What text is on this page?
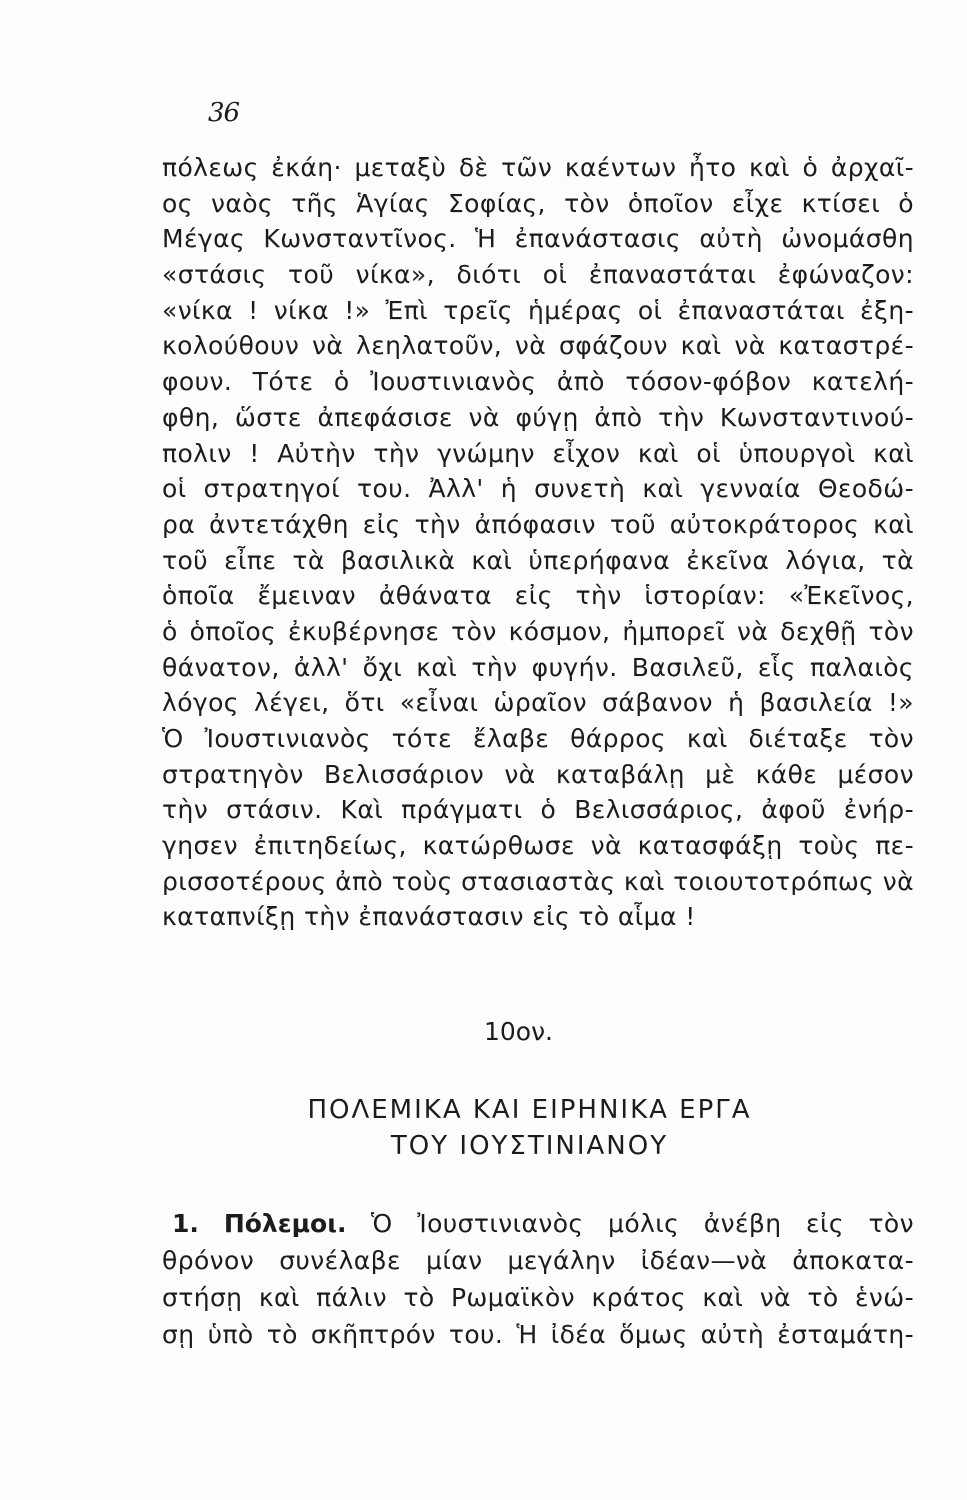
36
πόλεως ἐκάη· μεταξὺ δὲ τῶν καέντων ἦτο καὶ ὁ ἀρχαῖ-
ος ναὸς τῆς Ἁγίας Σοφίας, τὸν ὁποῖον εἶχε κτίσει ὁ
Μέγας Κωνσταντῖνος. Ἡ ἐπανάστασις αὐτὴ ὠνομάσθη
«στάσις τοῦ νίκα», διότι οἱ ἐπαναστάται ἐφώναζον:
«νίκα ! νίκα !» Ἐπὶ τρεῖς ἡμέρας οἱ ἐπαναστάται ἐξη-
κολούθουν νὰ λεηλατοῦν, νὰ σφάζουν καὶ νὰ καταστρέ-
φουν. Τότε ὁ Ἰουστινιανὸς ἀπὸ τόσον-φόβον κατελή-
φθη, ὥστε ἀπεφάσισε νὰ φύγῃ ἀπὸ τὴν Κωνσταντινού-
πολιν ! Αὐτὴν τὴν γνώμην εἶχον καὶ οἱ ὑπουργοὶ καὶ
οἱ στρατηγοί του. Ἀλλ' ἡ συνετὴ καὶ γενναία Θεοδώ-
ρα ἀντετάχθη εἰς τὴν ἀπόφασιν τοῦ αὐτοκράτορος καὶ
τοῦ εἶπε τὰ βασιλικὰ καὶ ὑπερήφανα ἐκεῖνα λόγια, τὰ
ὁποῖα ἔμειναν ἀθάνατα εἰς τὴν ἱστορίαν: «Ἐκεῖνος,
ὁ ὁποῖος ἐκυβέρνησε τὸν κόσμον, ἠμπορεῖ νὰ δεχθῇ τὸν
θάνατον, ἀλλ' ὄχι καὶ τὴν φυγήν. Βασιλεῦ, εἷς παλαιὸς
λόγος λέγει, ὅτι «εἶναι ὡραῖον σάβανον ἡ βασιλεία !»
Ὁ Ἰουστινιανὸς τότε ἔλαβε θάρρος καὶ διέταξε τὸν
στρατηγὸν Βελισσάριον νὰ καταβάλῃ μὲ κάθε μέσον
τὴν στάσιν. Καὶ πράγματι ὁ Βελισσάριος, ἀφοῦ ἐνήρ-
γησεν ἐπιτηδείως, κατώρθωσε νὰ κατασφάξῃ τοὺς πε-
ρισσοτέρους ἀπὸ τοὺς στασιαστὰς καὶ τοιουτοτρόπως νὰ
καταπνίξῃ τὴν ἐπανάστασιν εἰς τὸ αἷμα !
10ον.
ΠΟΛΕΜΙΚΑ ΚΑΙ ΕΙΡΗΝΙΚΑ ΕΡΓΑ
ΤΟΥ ΙΟΥΣΤΙΝΙΑΝΟΥ
1. Πόλεμοι. Ὁ Ἰουστινιανὸς μόλις ἀνέβη εἰς τὸν
θρόνον συνέλαβε μίαν μεγάλην ἰδέαν—νὰ ἀποκατα-
στήσῃ καὶ πάλιν τὸ Ρωμαϊκὸν κράτος καὶ νὰ τὸ ἑνώ-
σῃ ὑπὸ τὸ σκῆπτρόν του. Ἡ ἰδέα ὅμως αὐτὴ ἐσταμάτη-
